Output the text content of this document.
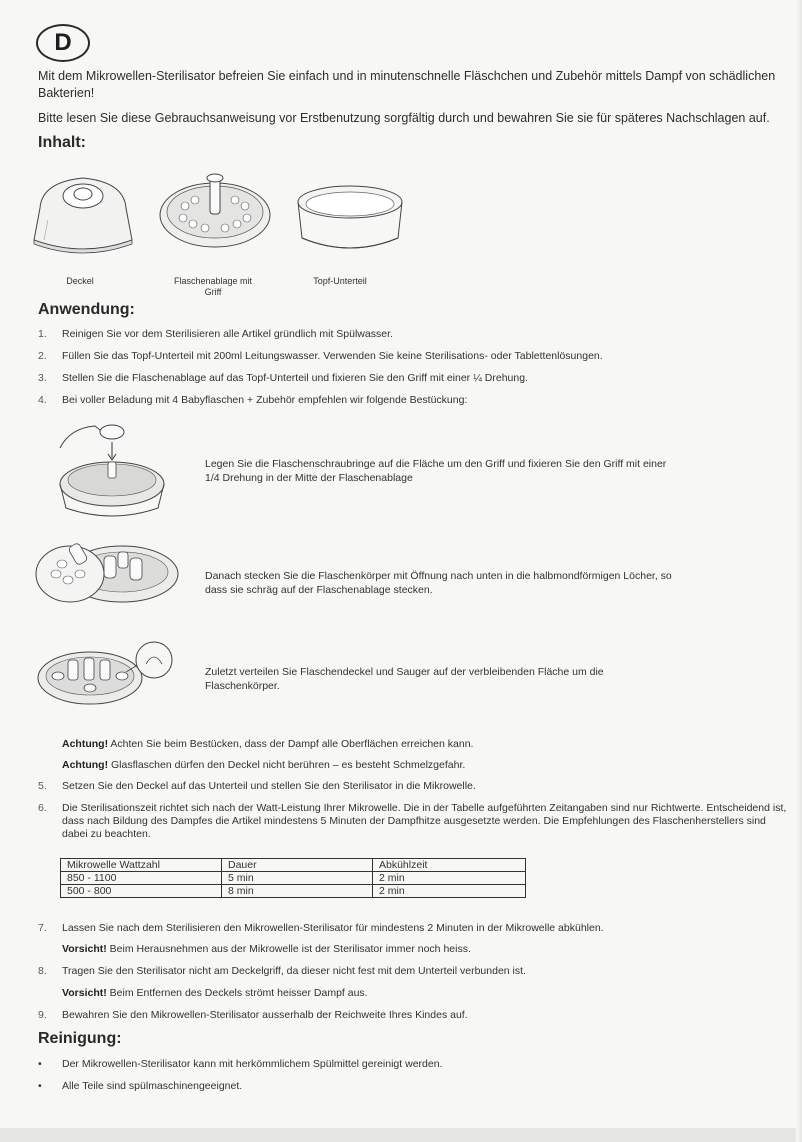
D
Mit dem Mikrowellen-Sterilisator befreien Sie einfach und in minutenschnelle Fläschchen und Zubehör mittels Dampf von schädlichen Bakterien!
Bitte lesen Sie diese Gebrauchsanweisung vor Erstbenutzung sorgfältig durch und bewahren Sie sie für späteres Nachschlagen auf.
Inhalt:
Deckel	Flaschenablage mit Griff
Topf-Unterteil
Anwendung:
1.	Reinigen Sie vor dem Sterilisieren alle Artikel gründlich mit Spülwasser.
2.	Füllen Sie das Topf-Unterteil mit 200ml Leitungswasser. Verwenden Sie keine Sterilisations- oder Tablettenlösungen.
3.	Stellen Sie die Flaschenablage auf das Topf-Unterteil und fixieren Sie den Griff mit einer ¼ Drehung.
4.	Bei voller Beladung mit 4 Babyflaschen + Zubehör empfehlen wir folgende Bestückung:
Legen Sie die Flaschenschraubringe auf die Fläche um den Griff und fixieren Sie den Griff mit einer 1/4 Drehung in der Mitte der Flaschenablage
Danach stecken Sie die Flaschenkörper mit Öffnung nach unten in die halbmondförmigen Löcher, so dass sie schräg auf der Flaschenablage stecken.
Zuletzt verteilen Sie Flaschendeckel und Sauger auf der verbleibenden Fläche um die Flaschenkörper.
Achtung! Achten Sie beim Bestücken, dass der Dampf alle Oberflächen erreichen kann.
Achtung! Glasflaschen dürfen den Deckel nicht berühren – es besteht Schmelzgefahr.
5.	Setzen Sie den Deckel auf das Unterteil und stellen Sie den Sterilisator in die Mikrowelle.
6.	Die Sterilisationszeit richtet sich nach der Watt-Leistung Ihrer Mikrowelle. Die in der Tabelle aufgeführten Zeitangaben sind nur Richtwerte. Entscheidend ist, dass nach Bildung des Dampfes die Artikel mindestens 5 Minuten der Dampfhitze ausgesetzte werden. Die Empfehlungen des Flaschenherstellers sind dabei zu beachten.
Mikrowelle Wattzahl	Dauer	Abkühlzeit
850 - 1100	5 min	2 min
500 - 800	8 min	2 min
7.	Lassen Sie nach dem Sterilisieren den Mikrowellen-Sterilisator für mindestens 2 Minuten in der Mikrowelle abkühlen.
Vorsicht! Beim Herausnehmen aus der Mikrowelle ist der Sterilisator immer noch heiss.
8.	Tragen Sie den Sterilisator nicht am Deckelgriff, da dieser nicht fest mit dem Unterteil verbunden ist.
Vorsicht! Beim Entfernen des Deckels strömt heisser Dampf aus.
9.	Bewahren Sie den Mikrowellen-Sterilisator ausserhalb der Reichweite Ihres Kindes auf.
Reinigung:
• Der Mikrowellen-Sterilisator kann mit herkömmlichem Spülmittel gereinigt werden.
• Alle Teile sind spülmaschinengeeignet.
